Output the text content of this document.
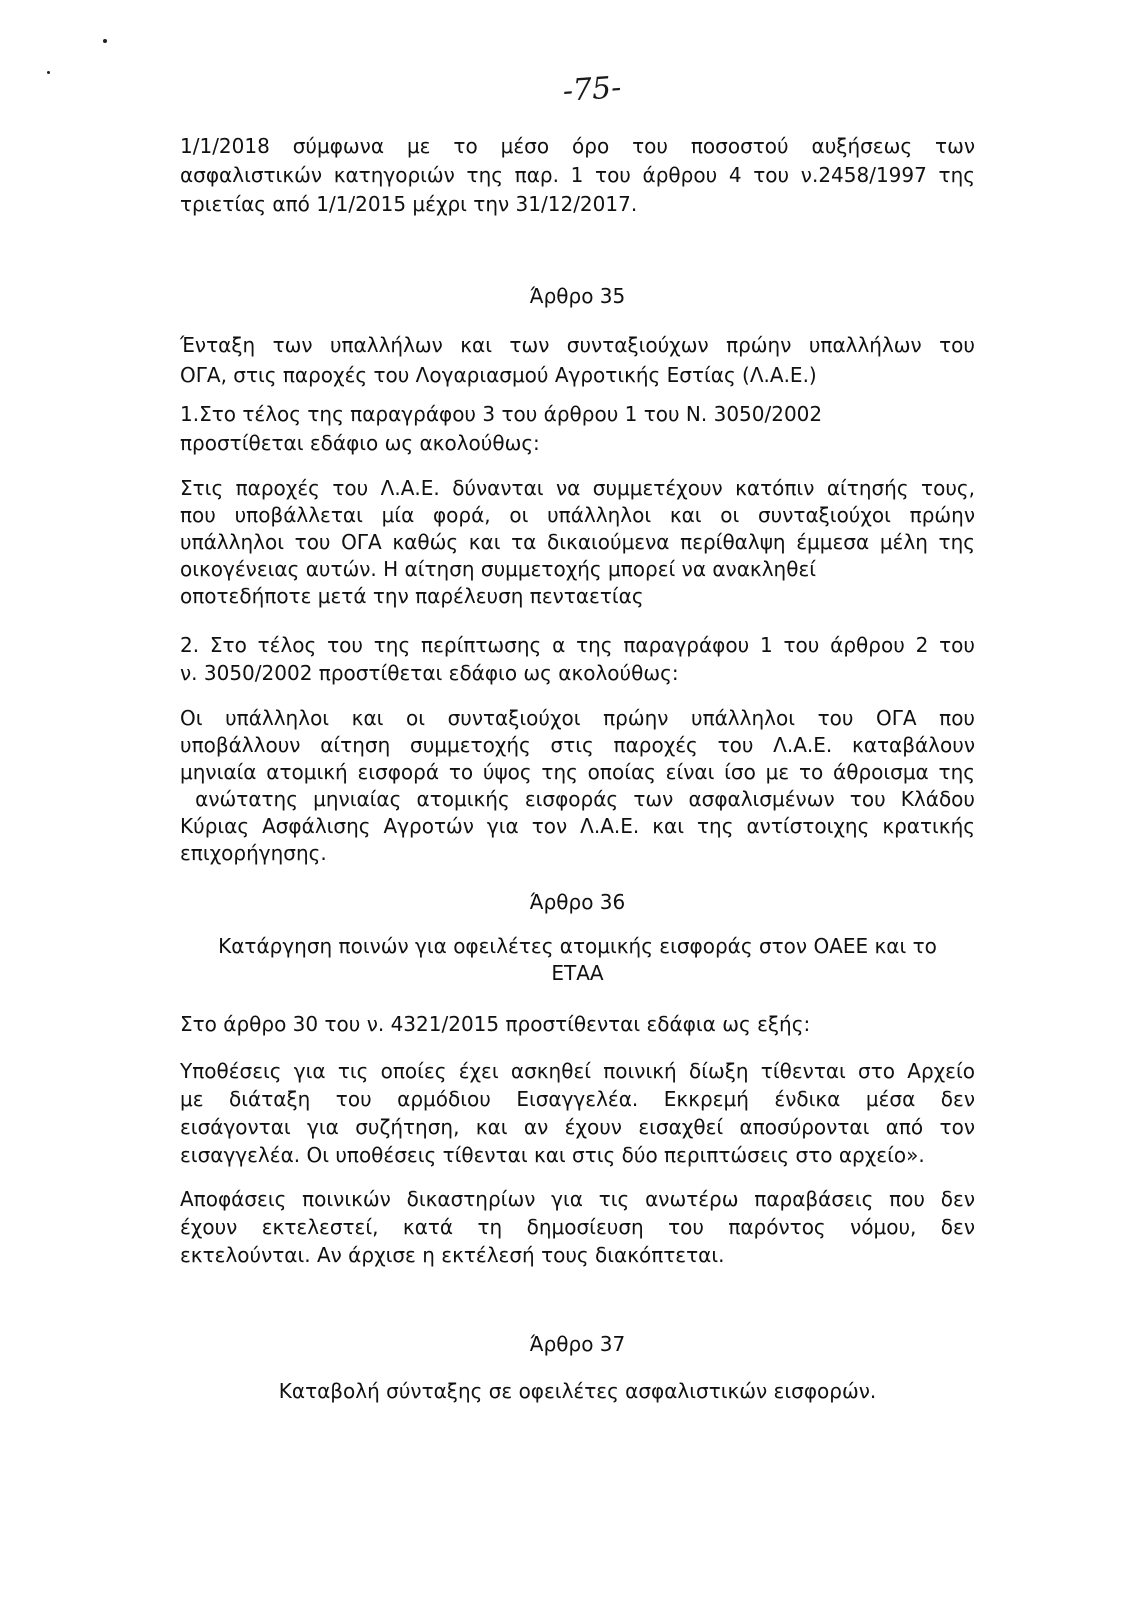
-75-
1/1/2018 σύμφωνα με το μέσο όρο του ποσοστού αυξήσεως των
ασφαλιστικών κατηγοριών της παρ. 1 του άρθρου 4 του ν.2458/1997 της
τριετίας από 1/1/2015 μέχρι την 31/12/2017.
Άρθρο 35
Ένταξη των υπαλλήλων και των συνταξιούχων πρώην υπαλλήλων του
ΟΓΑ, στις παροχές του Λογαριασμού Αγροτικής Εστίας (Λ.Α.Ε.)
1.Στο τέλος της παραγράφου 3 του άρθρου 1 του Ν. 3050/2002
προστίθεται εδάφιο ως ακολούθως:
Στις παροχές του Λ.Α.Ε. δύνανται να συμμετέχουν κατόπιν αίτησής τους,
που υποβάλλεται μία φορά, οι υπάλληλοι και οι συνταξιούχοι πρώην
υπάλληλοι του ΟΓΑ καθώς και τα δικαιούμενα περίθαλψη έμμεσα μέλη της
οικογένειας αυτών. Η αίτηση συμμετοχής μπορεί να ανακληθεί
οποτεδήποτε μετά την παρέλευση πενταετίας
2. Στο τέλος του της περίπτωσης α της παραγράφου 1 του άρθρου 2 του
ν. 3050/2002 προστίθεται εδάφιο ως ακολούθως:
Οι υπάλληλοι και οι συνταξιούχοι πρώην υπάλληλοι του ΟΓΑ που
υποβάλλουν αίτηση συμμετοχής στις παροχές του Λ.Α.Ε. καταβάλουν
μηνιαία ατομική εισφορά το ύψος της οποίας είναι ίσο με το άθροισμα της
ανώτατης μηνιαίας ατομικής εισφοράς των ασφαλισμένων του Κλάδου
Κύριας Ασφάλισης Αγροτών για τον Λ.Α.Ε. και της αντίστοιχης κρατικής
επιχορήγησης.
Άρθρο 36
Κατάργηση ποινών για οφειλέτες ατομικής εισφοράς στον ΟΑΕΕ και το
ΕΤΑΑ
Στο άρθρο 30 του ν. 4321/2015 προστίθενται εδάφια ως εξής:
Υποθέσεις για τις οποίες έχει ασκηθεί ποινική δίωξη τίθενται στο Αρχείο
με διάταξη του αρμόδιου Εισαγγελέα. Εκκρεμή ένδικα μέσα δεν
εισάγονται για συζήτηση, και αν έχουν εισαχθεί αποσύρονται από τον
εισαγγελέα. Οι υποθέσεις τίθενται και στις δύο περιπτώσεις στο αρχείο».
Αποφάσεις ποινικών δικαστηρίων για τις ανωτέρω παραβάσεις που δεν
έχουν εκτελεστεί, κατά τη δημοσίευση του παρόντος νόμου, δεν
εκτελούνται. Αν άρχισε η εκτέλεσή τους διακόπτεται.
Άρθρο 37
Καταβολή σύνταξης σε οφειλέτες ασφαλιστικών εισφορών.
